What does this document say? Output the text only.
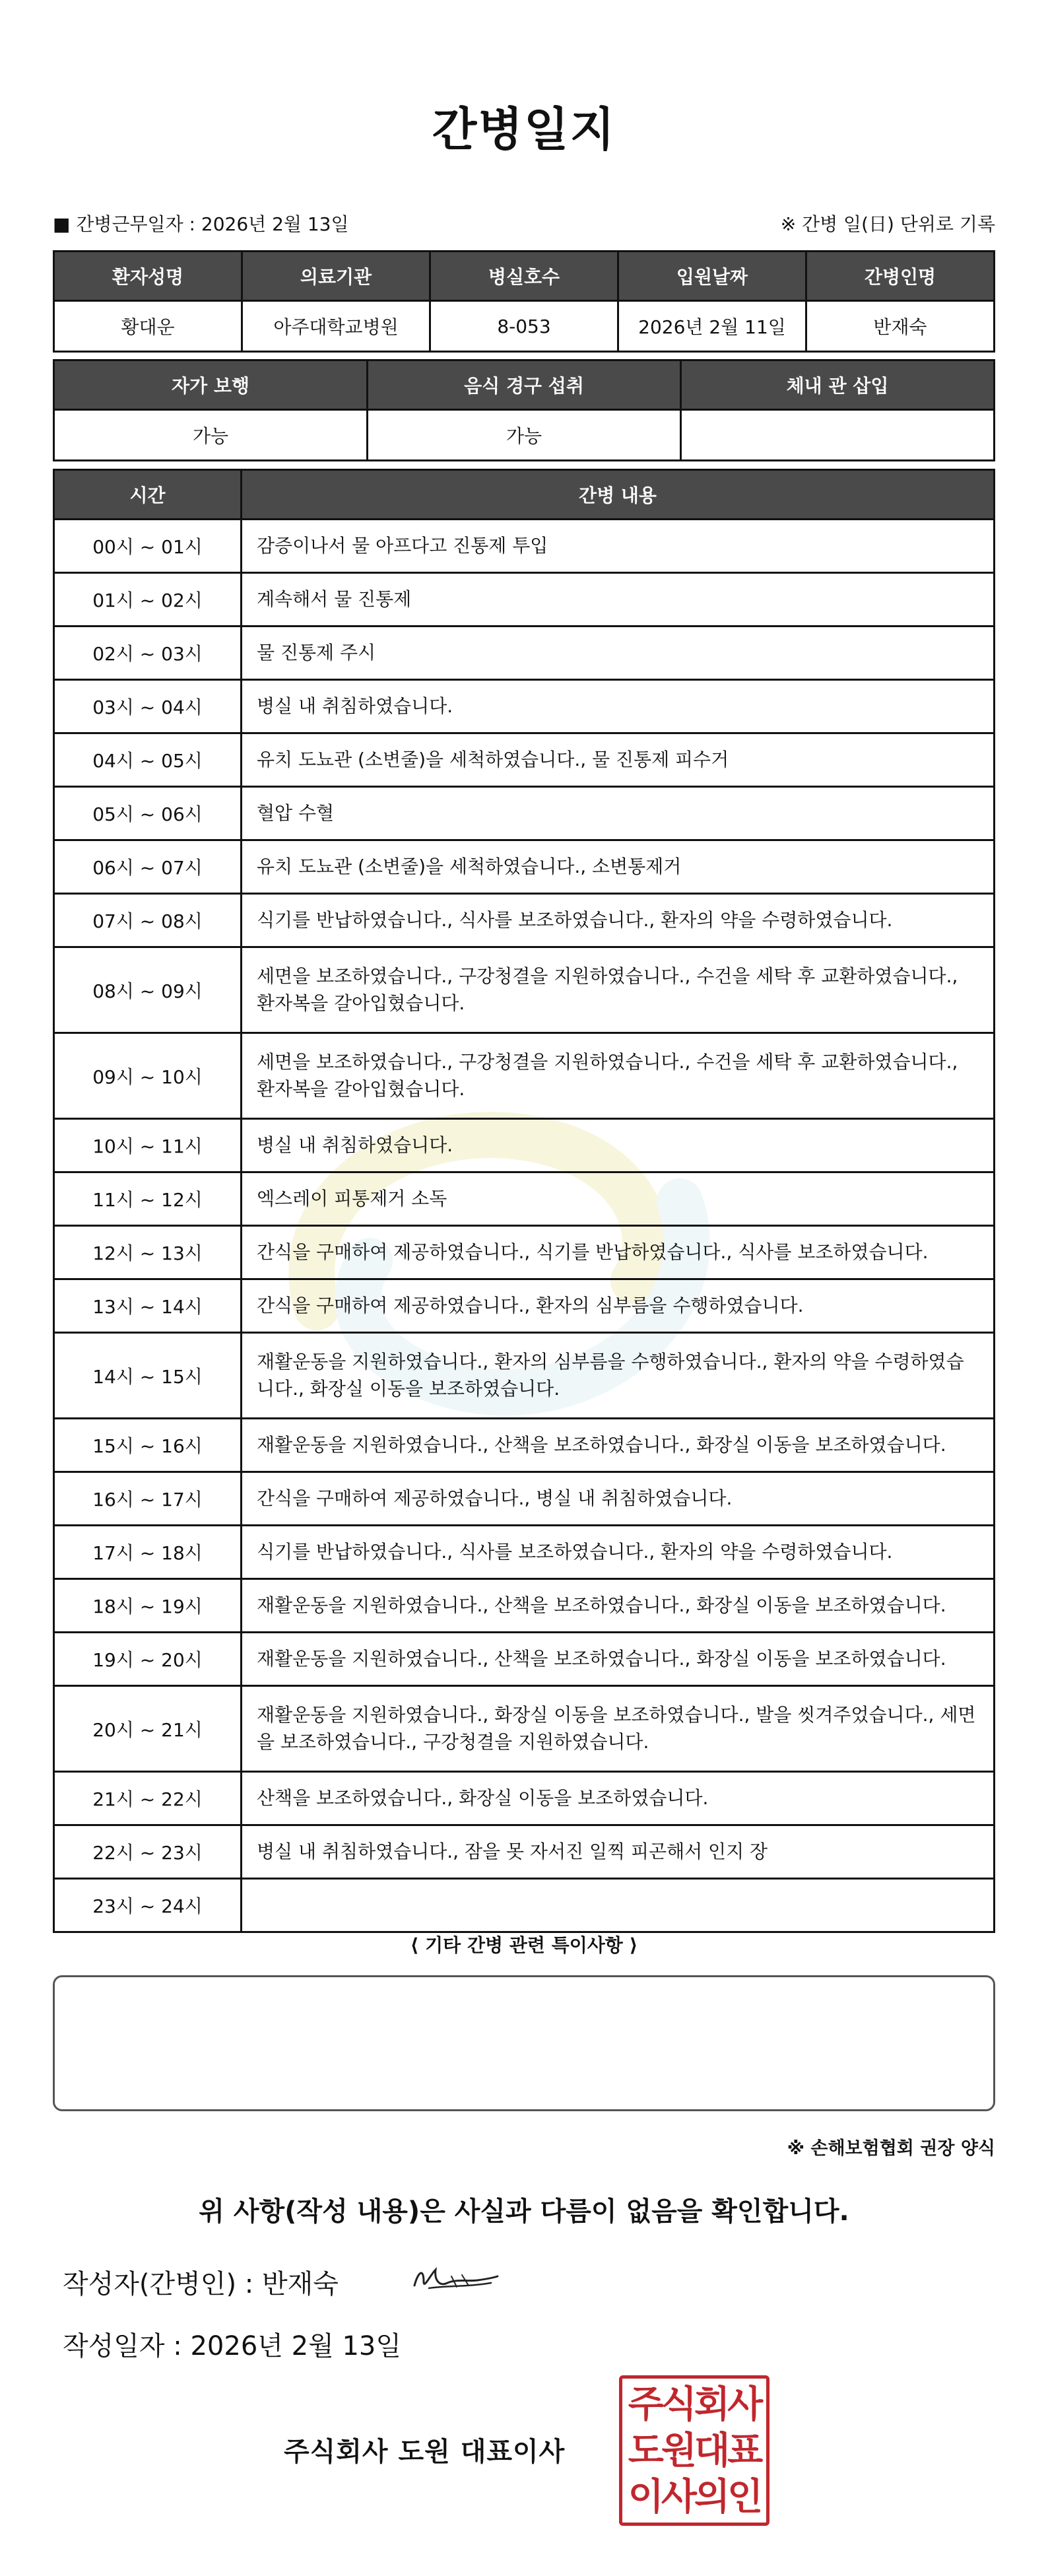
간병일지
■ 간병근무일자 : 2026년 2월 13일	※ 간병 일(日) 단위로 기록
환자성명	의료기관	병실호수	입원날짜	간병인명
황대운	아주대학교병원	8-053	2026년 2월 11일	반재숙
자가 보행	음식 경구 섭취	체내 관 삽입
가능	가능	
시간	간병 내용
00시 ~ 01시	감증이나서 물 아프다고 진통제 투입
01시 ~ 02시	계속해서 물 진통제
02시 ~ 03시	물 진통제 주시
03시 ~ 04시	병실 내 취침하였습니다.
04시 ~ 05시	유치 도뇨관 (소변줄)을 세척하였습니다., 물 진통제 피수거
05시 ~ 06시	혈압 수혈
06시 ~ 07시	유치 도뇨관 (소변줄)을 세척하였습니다., 소변통제거
07시 ~ 08시	식기를 반납하였습니다., 식사를 보조하였습니다., 환자의 약을 수령하였습니다.
08시 ~ 09시	세면을 보조하였습니다., 구강청결을 지원하였습니다., 수건을 세탁 후 교환하였습니다., 환자복을 갈아입혔습니다.
09시 ~ 10시	세면을 보조하였습니다., 구강청결을 지원하였습니다., 수건을 세탁 후 교환하였습니다., 환자복을 갈아입혔습니다.
10시 ~ 11시	병실 내 취침하였습니다.
11시 ~ 12시	엑스레이 피통제거 소독
12시 ~ 13시	간식을 구매하여 제공하였습니다., 식기를 반납하였습니다., 식사를 보조하였습니다.
13시 ~ 14시	간식을 구매하여 제공하였습니다., 환자의 심부름을 수행하였습니다.
14시 ~ 15시	재활운동을 지원하였습니다., 환자의 심부름을 수행하였습니다., 환자의 약을 수령하였습니다., 화장실 이동을 보조하였습니다.
15시 ~ 16시	재활운동을 지원하였습니다., 산책을 보조하였습니다., 화장실 이동을 보조하였습니다.
16시 ~ 17시	간식을 구매하여 제공하였습니다., 병실 내 취침하였습니다.
17시 ~ 18시	식기를 반납하였습니다., 식사를 보조하였습니다., 환자의 약을 수령하였습니다.
18시 ~ 19시	재활운동을 지원하였습니다., 산책을 보조하였습니다., 화장실 이동을 보조하였습니다.
19시 ~ 20시	재활운동을 지원하였습니다., 산책을 보조하였습니다., 화장실 이동을 보조하였습니다.
20시 ~ 21시	재활운동을 지원하였습니다., 화장실 이동을 보조하였습니다., 발을 씻겨주었습니다., 세면을 보조하였습니다., 구강청결을 지원하였습니다.
21시 ~ 22시	산책을 보조하였습니다., 화장실 이동을 보조하였습니다.
22시 ~ 23시	병실 내 취침하였습니다., 잠을 못 자서진 일찍 피곤해서 인지 장
23시 ~ 24시	
⟨ 기타 간병 관련 특이사항 ⟩
※ 손해보험협회 권장 양식
위 사항(작성 내용)은 사실과 다름이 없음을 확인합니다.
작성자(간병인) : 반재숙
작성일자 : 2026년 2월 13일
주식회사 도원 대표이사
주식회사
도원대표
이사의인
